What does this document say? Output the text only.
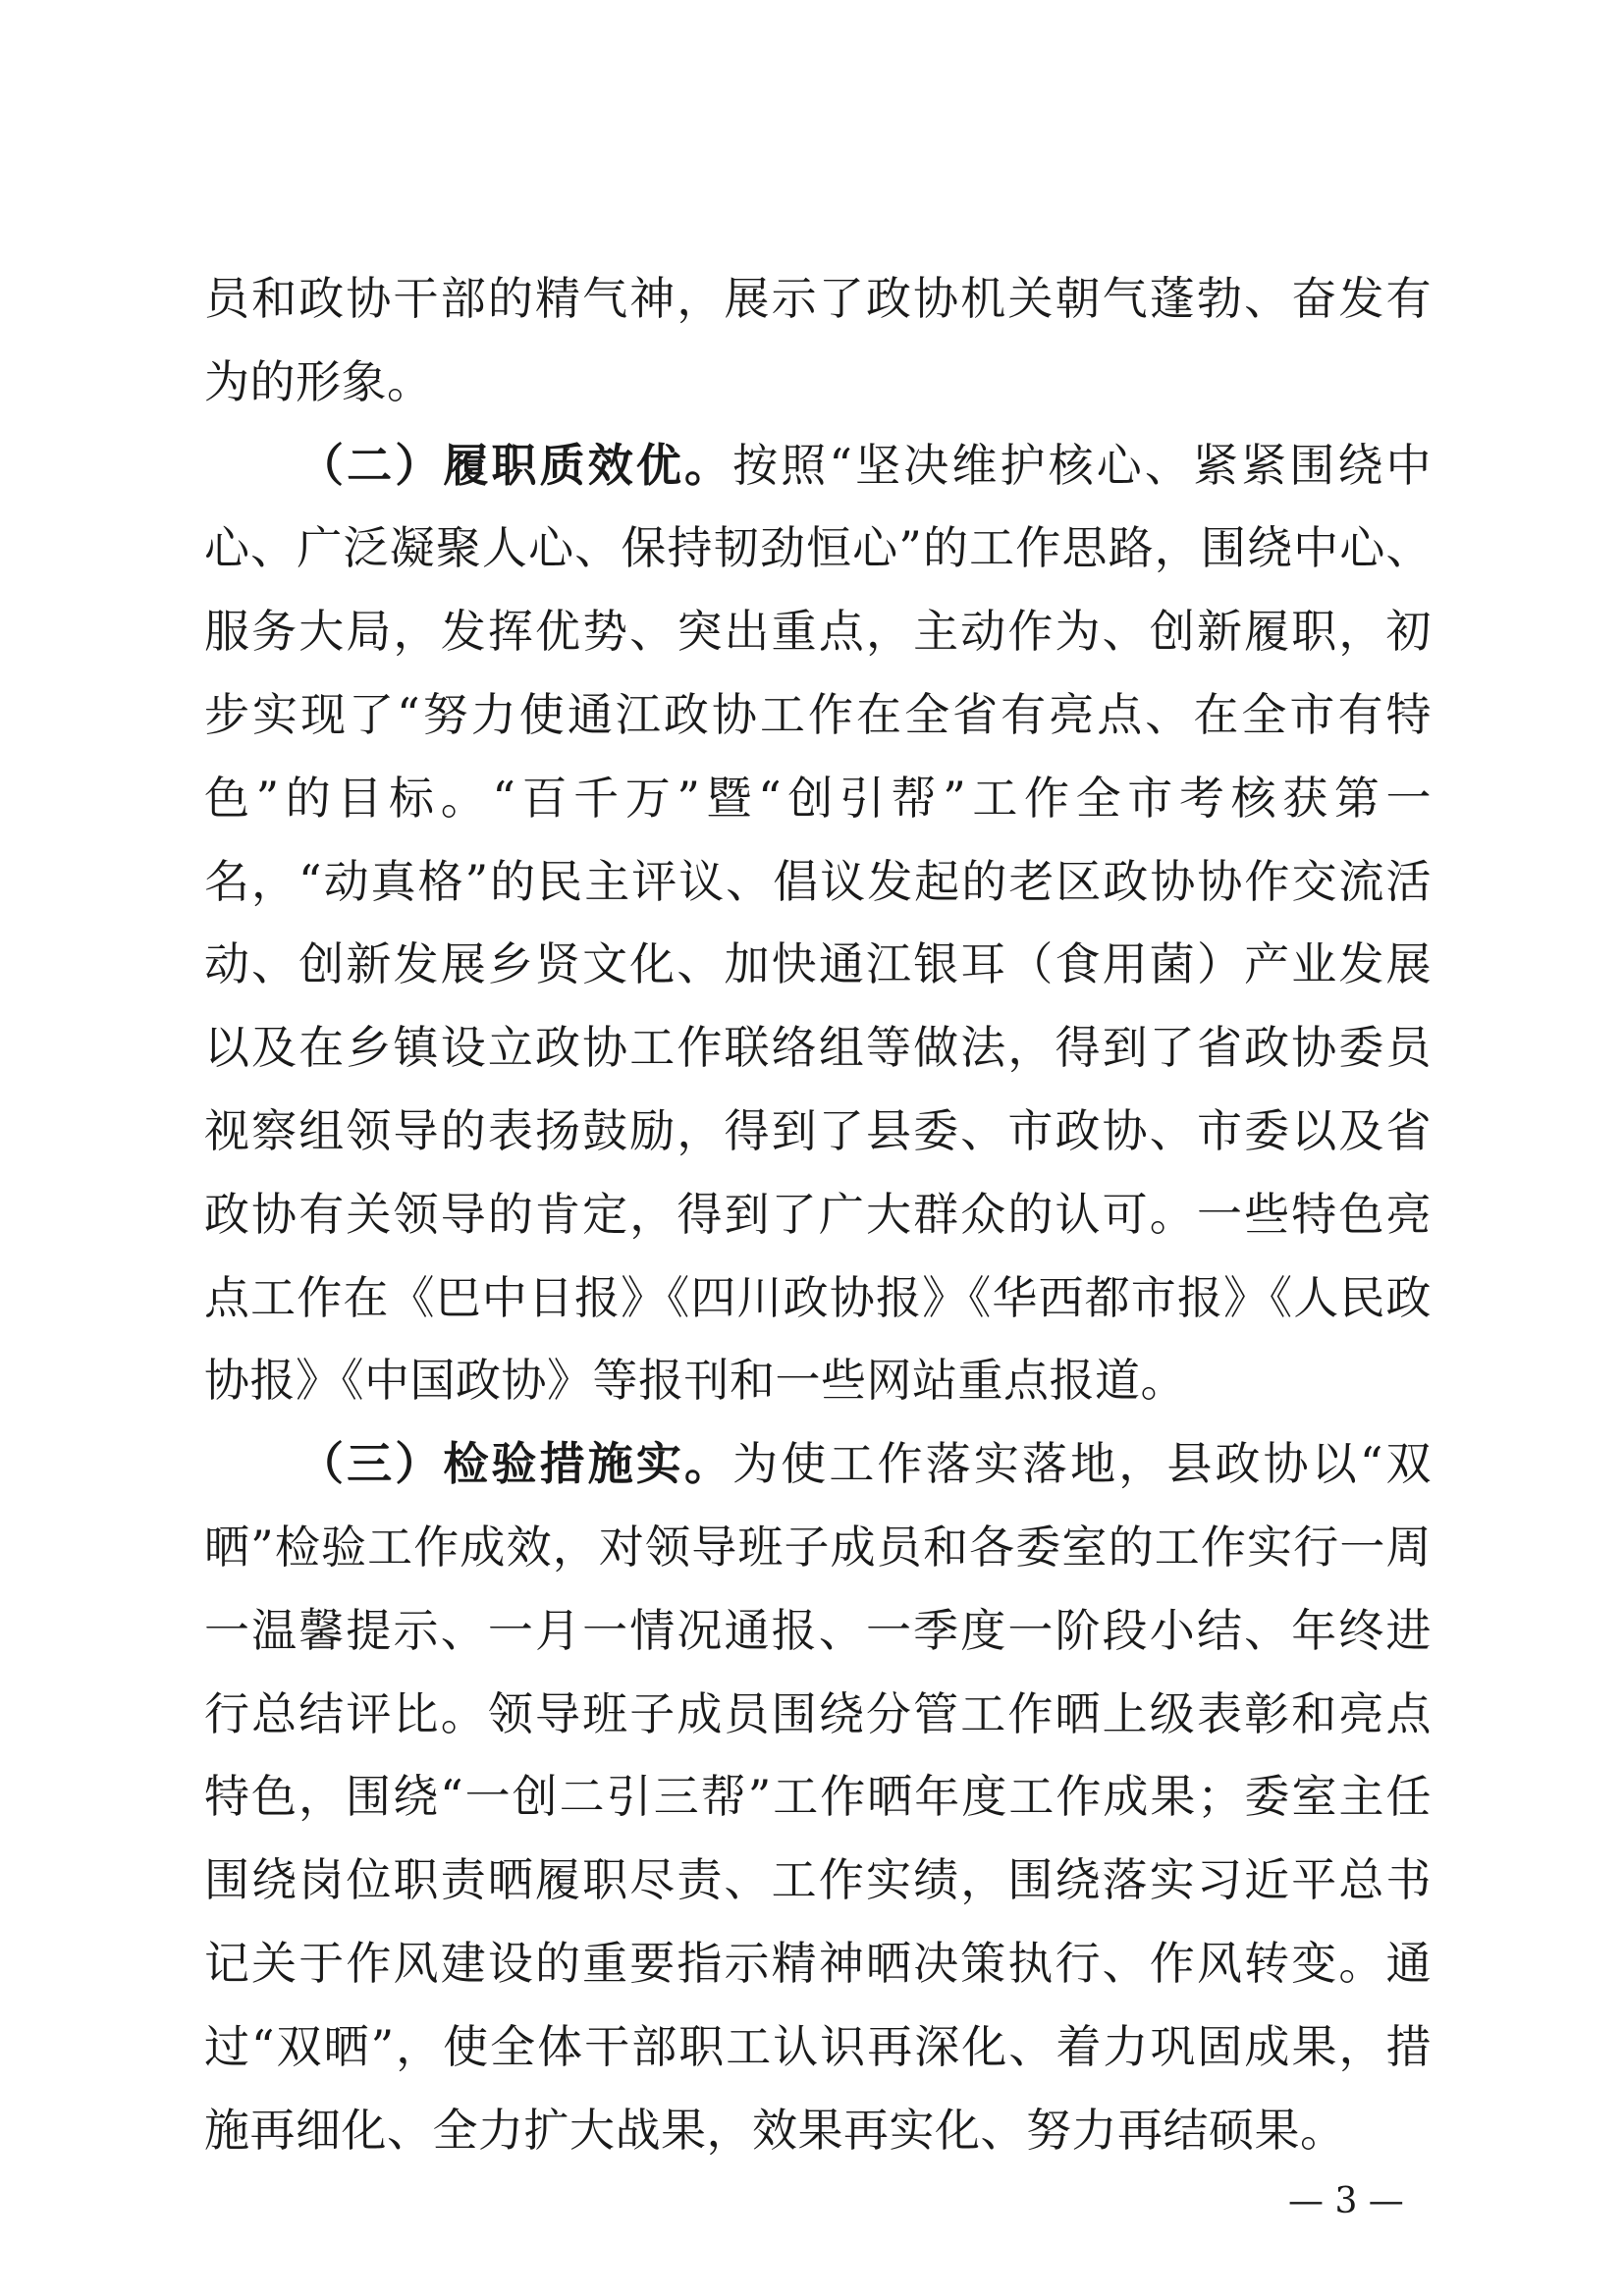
员和政协干部的精气神，展示了政协机关朝气蓬勃、奋发有为的形象。

（二）履职质效优。按照“坚决维护核心、紧紧围绕中心、广泛凝聚人心、保持韧劲恒心”的工作思路，围绕中心、服务大局，发挥优势、突出重点，主动作为、创新履职，初步实现了“努力使通江政协工作在全省有亮点、在全市有特色”的目标。“百千万”暨“创引帮”工作全市考核获第一名，“动真格”的民主评议、倡议发起的老区政协协作交流活动、创新发展乡贤文化、加快通江银耳（食用菌）产业发展以及在乡镇设立政协工作联络组等做法，得到了省政协委员视察组领导的表扬鼓励，得到了县委、市政协、市委以及省政协有关领导的肯定，得到了广大群众的认可。一些特色亮点工作在《巴中日报》《四川政协报》《华西都市报》《人民政协报》《中国政协》等报刊和一些网站重点报道。

（三）检验措施实。为使工作落实落地，县政协以“双晒”检验工作成效，对领导班子成员和各委室的工作实行一周一温馨提示、一月一情况通报、一季度一阶段小结、年终进行总结评比。领导班子成员围绕分管工作晒上级表彰和亮点特色，围绕“一创二引三帮”工作晒年度工作成果；委室主任围绕岗位职责晒履职尽责、工作实绩，围绕落实习近平总书记关于作风建设的重要指示精神晒决策执行、作风转变。通过“双晒”，使全体干部职工认识再深化、着力巩固成果，措施再细化、全力扩大战果，效果再实化、努力再结硕果。

— 3 —
